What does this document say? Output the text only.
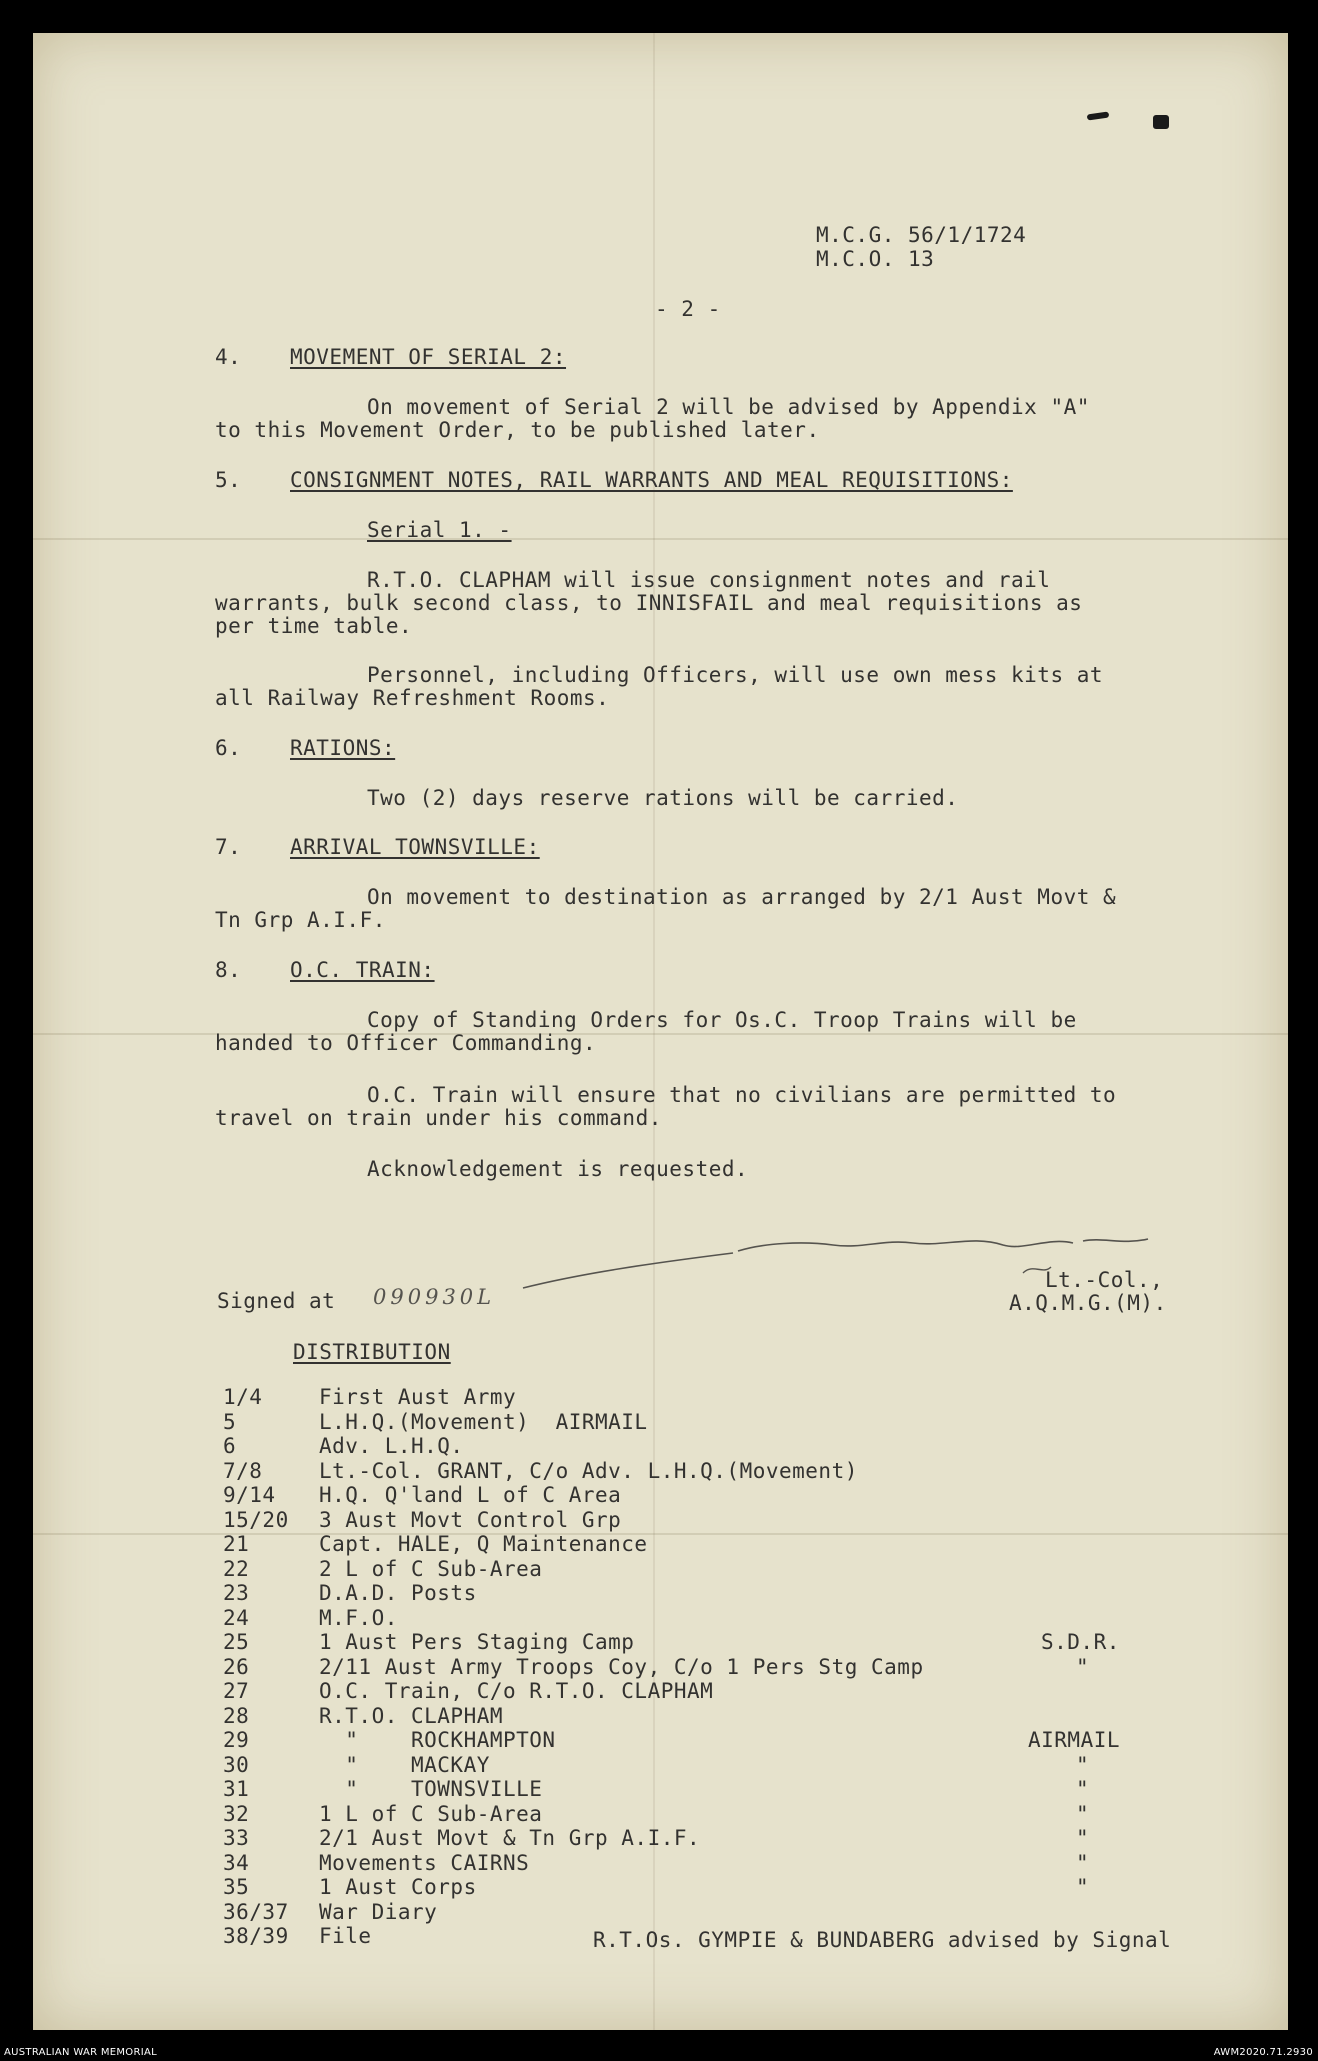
M.C.G. 56/1/1724
M.C.O. 13
- 2 -
4. MOVEMENT OF SERIAL 2:
On movement of Serial 2 will be advised by Appendix "A"
to this Movement Order, to be published later.
5. CONSIGNMENT NOTES, RAIL WARRANTS AND MEAL REQUISITIONS:
Serial 1. -
R.T.O. CLAPHAM will issue consignment notes and rail
warrants, bulk second class, to INNISFAIL and meal requisitions as
per time table.
Personnel, including Officers, will use own mess kits at
all Railway Refreshment Rooms.
6. RATIONS:
Two (2) days reserve rations will be carried.
7. ARRIVAL TOWNSVILLE:
On movement to destination as arranged by 2/1 Aust Movt &
Tn Grp A.I.F.
8. O.C. TRAIN:
Copy of Standing Orders for Os.C. Troop Trains will be
handed to Officer Commanding.
O.C. Train will ensure that no civilians are permitted to
travel on train under his command.
Acknowledgement is requested.
Signed at 090930L
Lt.-Col.,
A.Q.M.G.(M).
DISTRIBUTION
1/4	First Aust Army
5	L.H.Q.(Movement)  AIRMAIL
6	Adv. L.H.Q.
7/8	Lt.-Col. GRANT, C/o Adv. L.H.Q.(Movement)
9/14 H.Q. Q'land L of C Area
15/20 3 Aust Movt Control Grp
21	Capt. HALE, Q Maintenance
22	2 L of C Sub-Area
23	D.A.D. Posts
24	M.F.O.
25	1 Aust Pers Staging Camp	S.D.R.
26	2/11 Aust Army Troops Coy, C/o 1 Pers Stg Camp	"
27	O.C. Train, C/o R.T.O. CLAPHAM
28	R.T.O. CLAPHAM
29	"    ROCKHAMPTON	AIRMAIL
30	"    MACKAY	"
31	"    TOWNSVILLE	"
32	1 L of C Sub-Area	"
33	2/1 Aust Movt & Tn Grp A.I.F.	"
34	Movements CAIRNS	"
35	1 Aust Corps	"
36/37 War Diary
38/39 File	R.T.Os. GYMPIE & BUNDABERG advised by Signal
AUSTRALIAN WAR MEMORIAL	AWM2020.71.2930
